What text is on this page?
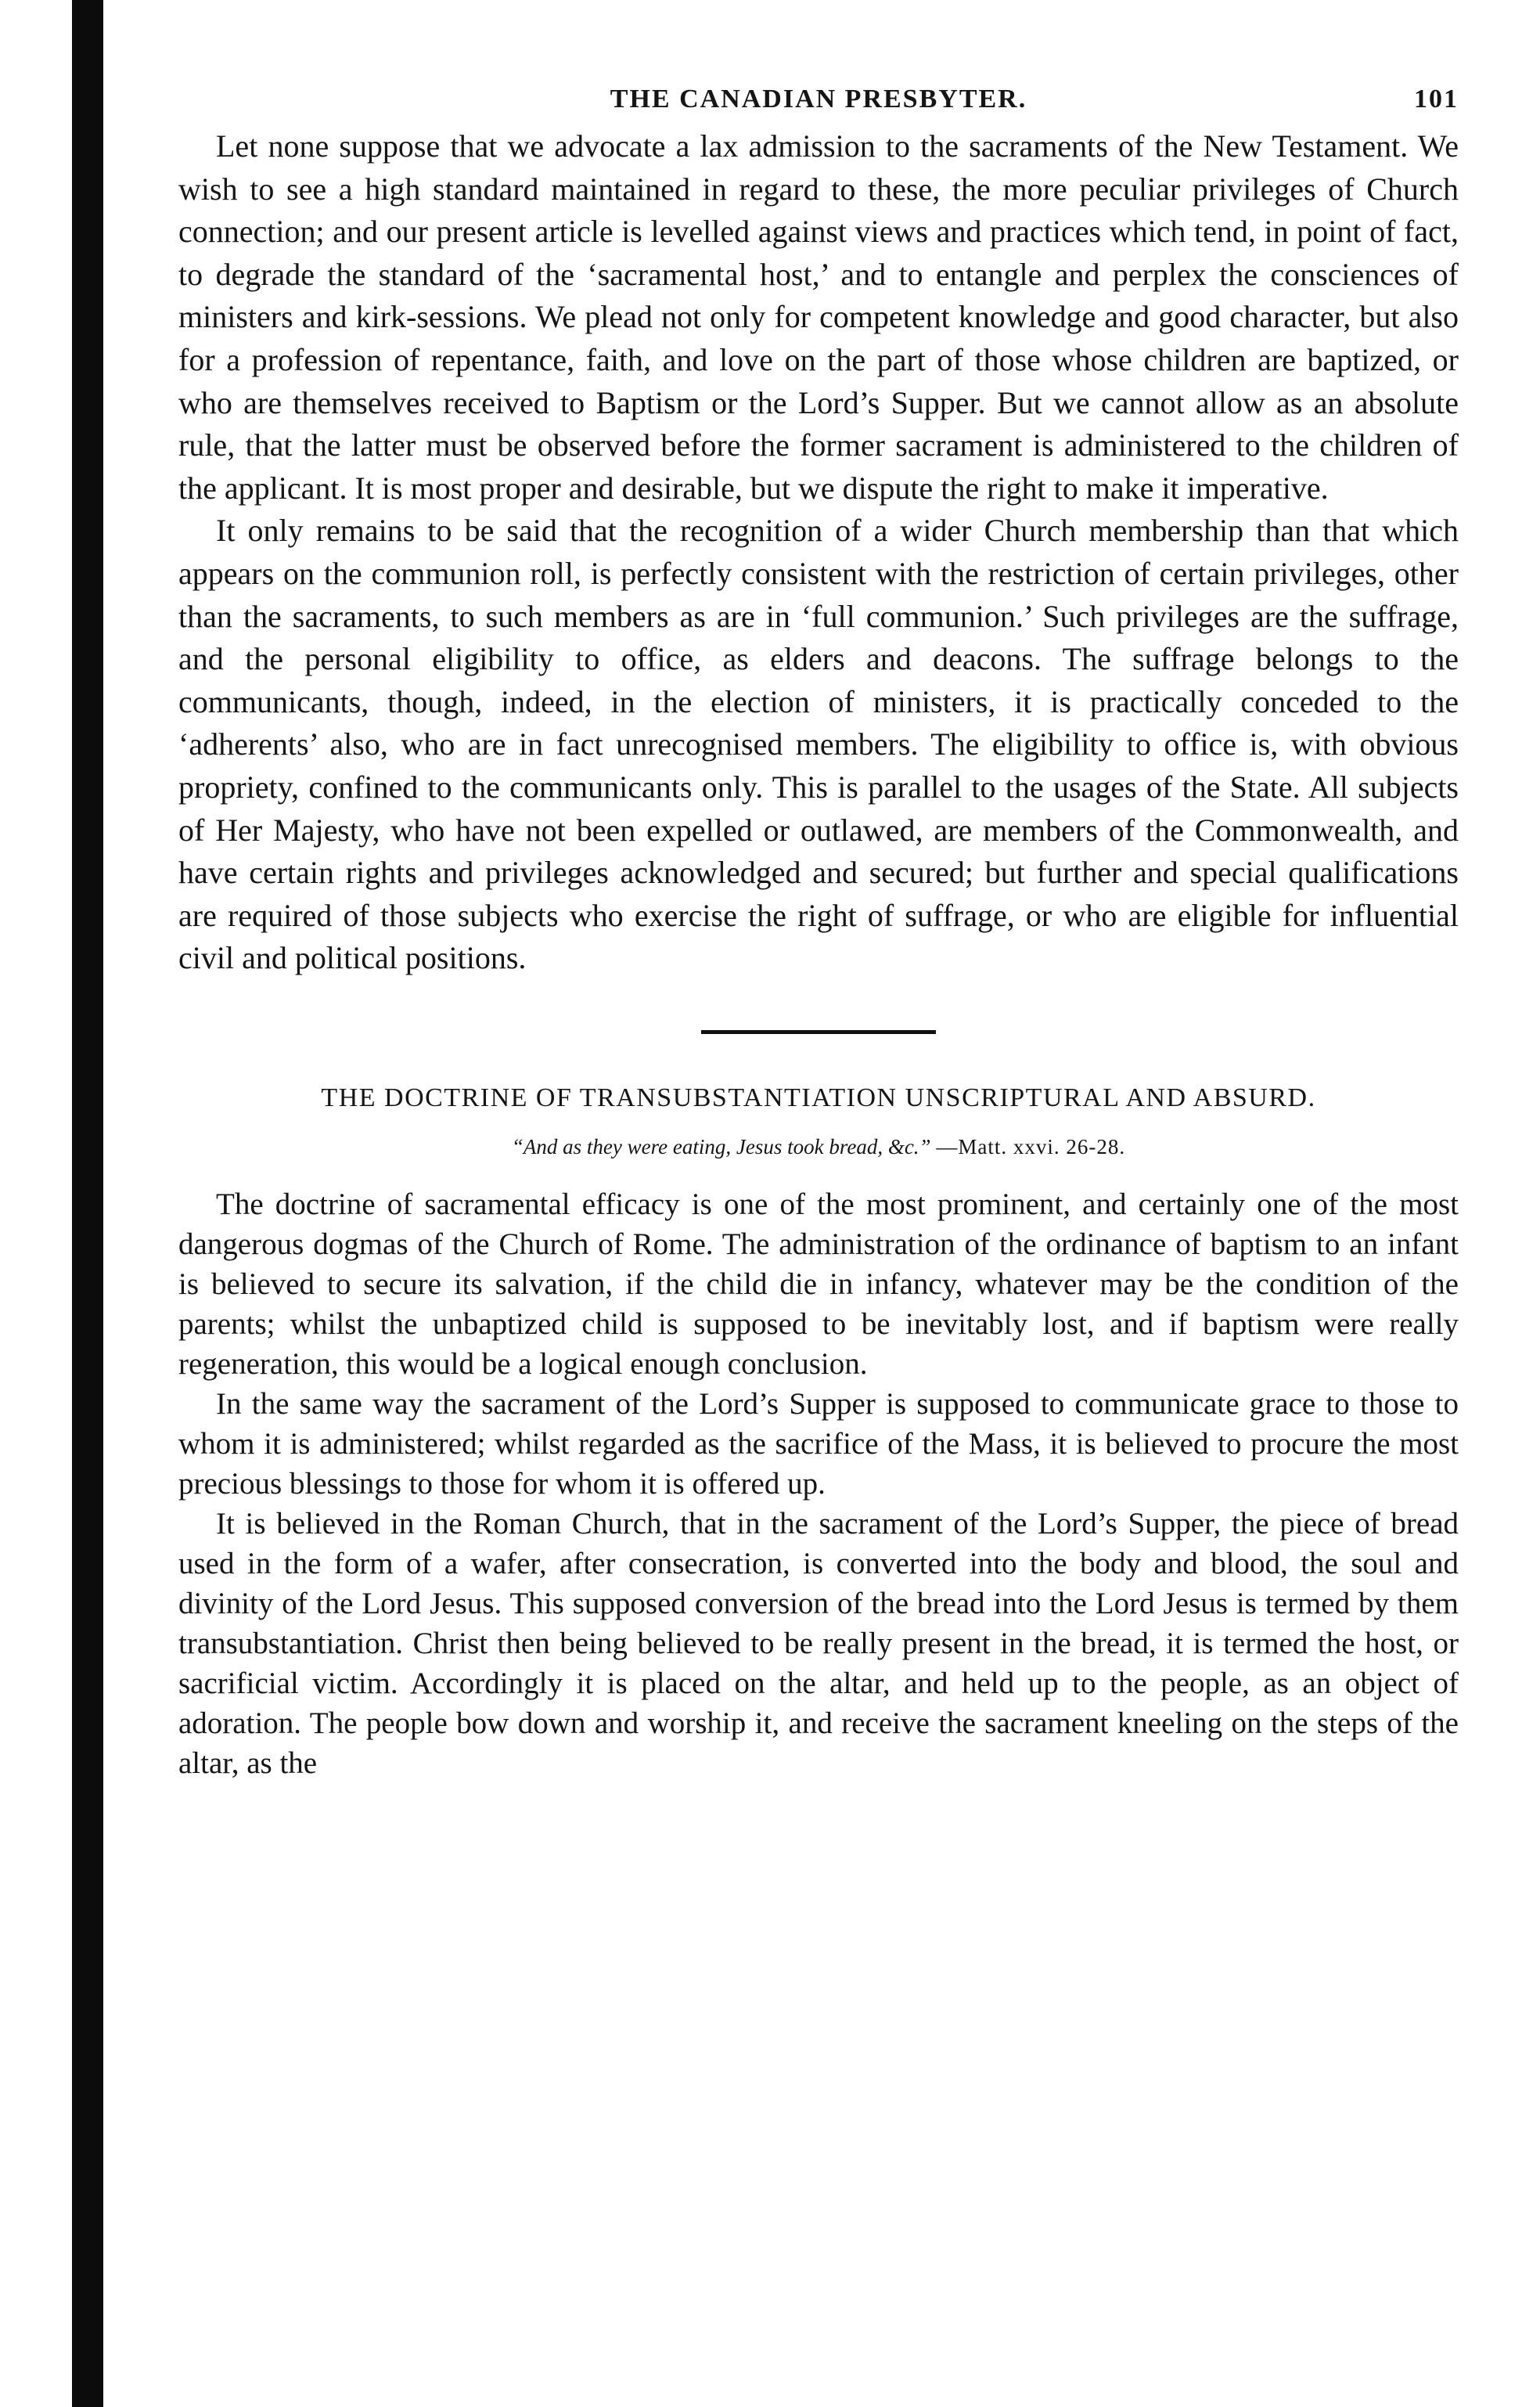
THE CANADIAN PRESBYTER.	101

Let none suppose that we advocate a lax admission to the sacraments of the New Testament. We wish to see a high standard maintained in regard to these, the more peculiar privileges of Church connection; and our present article is levelled against views and practices which tend, in point of fact, to degrade the standard of the ‘sacramental host,’ and to entangle and perplex the consciences of ministers and kirk-sessions. We plead not only for competent knowledge and good character, but also for a profession of repentance, faith, and love on the part of those whose children are baptized, or who are themselves received to Baptism or the Lord’s Supper. But we cannot allow as an absolute rule, that the latter must be observed before the former sacrament is administered to the children of the applicant. It is most proper and desirable, but we dispute the right to make it imperative.

It only remains to be said that the recognition of a wider Church membership than that which appears on the communion roll, is perfectly consistent with the restriction of certain privileges, other than the sacraments, to such members as are in ‘full communion.’ Such privileges are the suffrage, and the personal eligibility to office, as elders and deacons. The suffrage belongs to the communicants, though, indeed, in the election of ministers, it is practically conceded to the ‘adherents’ also, who are in fact unrecognised members. The eligibility to office is, with obvious propriety, confined to the communicants only. This is parallel to the usages of the State. All subjects of Her Majesty, who have not been expelled or outlawed, are members of the Commonwealth, and have certain rights and privileges acknowledged and secured; but further and special qualifications are required of those subjects who exercise the right of suffrage, or who are eligible for influential civil and political positions.

THE DOCTRINE OF TRANSUBSTANTIATION UNSCRIPTURAL AND ABSURD.
“And as they were eating, Jesus took bread, &c.” —Matt. xxvi. 26-28.

The doctrine of sacramental efficacy is one of the most prominent, and certainly one of the most dangerous dogmas of the Church of Rome. The administration of the ordinance of baptism to an infant is believed to secure its salvation, if the child die in infancy, whatever may be the condition of the parents; whilst the unbaptized child is supposed to be inevitably lost, and if baptism were really regeneration, this would be a logical enough conclusion.

In the same way the sacrament of the Lord’s Supper is supposed to communicate grace to those to whom it is administered; whilst regarded as the sacrifice of the Mass, it is believed to procure the most precious blessings to those for whom it is offered up.

It is believed in the Roman Church, that in the sacrament of the Lord’s Supper, the piece of bread used in the form of a wafer, after consecration, is converted into the body and blood, the soul and divinity of the Lord Jesus. This supposed conversion of the bread into the Lord Jesus is termed by them transubstantiation. Christ then being believed to be really present in the bread, it is termed the host, or sacrificial victim. Accordingly it is placed on the altar, and held up to the people, as an object of adoration. The people bow down and worship it, and receive the sacrament kneeling on the steps of the altar, as the
